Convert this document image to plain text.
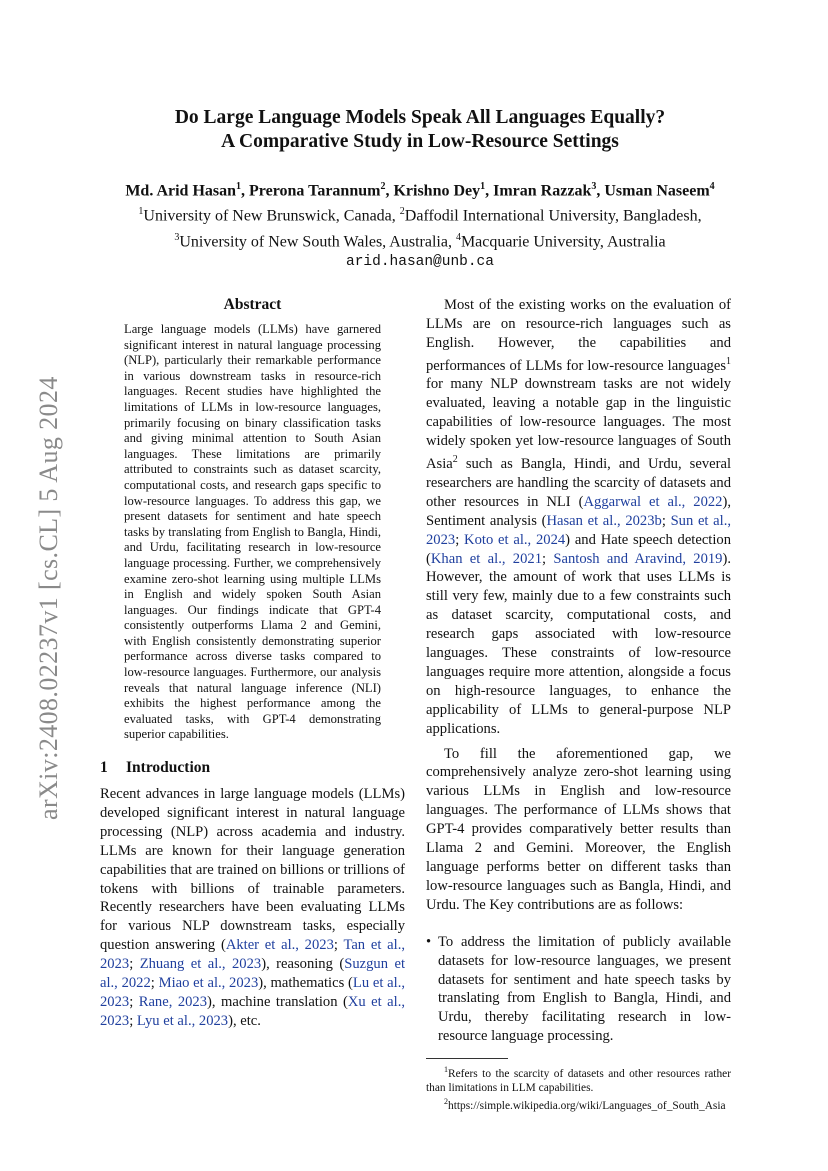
arXiv:2408.02237v1 [cs.CL] 5 Aug 2024
Do Large Language Models Speak All Languages Equally?
A Comparative Study in Low-Resource Settings
Md. Arid Hasan$^1$, Prerona Tarannum$^2$, Krishno Dey$^1$, Imran Razzak$^3$, Usman Naseem$^4$
$^1$University of New Brunswick, Canada, $^2$Daffodil International University, Bangladesh,
$^3$University of New South Wales, Australia, $^4$Macquarie University, Australia
arid.hasan@unb.ca
Abstract
Large language models (LLMs) have garnered significant interest in natural language processing (NLP), particularly their remarkable performance in various downstream tasks in resource-rich languages. Recent studies have highlighted the limitations of LLMs in low-resource languages, primarily focusing on binary classification tasks and giving minimal attention to South Asian languages. These limitations are primarily attributed to constraints such as dataset scarcity, computational costs, and research gaps specific to low-resource languages. To address this gap, we present datasets for sentiment and hate speech tasks by translating from English to Bangla, Hindi, and Urdu, facilitating research in low-resource language processing. Further, we comprehensively examine zero-shot learning using multiple LLMs in English and widely spoken South Asian languages. Our findings indicate that GPT-4 consistently outperforms Llama 2 and Gemini, with English consistently demonstrating superior performance across diverse tasks compared to low-resource languages. Furthermore, our analysis reveals that natural language inference (NLI) exhibits the highest performance among the evaluated tasks, with GPT-4 demonstrating superior capabilities.
1 Introduction

Recent advances in large language models (LLMs) developed significant interest in natural language processing (NLP) across academia and industry. LLMs are known for their language generation capabilities that are trained on billions or trillions of tokens with billions of trainable parameters. Recently researchers have been evaluating LLMs for various NLP downstream tasks, especially question answering (Akter et al., 2023; Tan et al., 2023; Zhuang et al., 2023), reasoning (Suzgun et al., 2022; Miao et al., 2023), mathematics (Lu et al., 2023; Rane, 2023), machine translation (Xu et al., 2023; Lyu et al., 2023), etc.

Most of the existing works on the evaluation of LLMs are on resource-rich languages such as English. However, the capabilities and performances of LLMs for low-resource languages$^1$ for many NLP downstream tasks are not widely evaluated, leaving a notable gap in the linguistic capabilities of low-resource languages. The most widely spoken yet low-resource languages of South Asia$^2$ such as Bangla, Hindi, and Urdu, several researchers are handling the scarcity of datasets and other resources in NLI (Aggarwal et al., 2022), Sentiment analysis (Hasan et al., 2023b; Sun et al., 2023; Koto et al., 2024) and Hate speech detection (Khan et al., 2021; Santosh and Aravind, 2019). However, the amount of work that uses LLMs is still very few, mainly due to a few constraints such as dataset scarcity, computational costs, and research gaps associated with low-resource languages. These constraints of low-resource languages require more attention, alongside a focus on high-resource languages, to enhance the applicability of LLMs to general-purpose NLP applications.

To fill the aforementioned gap, we comprehensively analyze zero-shot learning using various LLMs in English and low-resource languages. The performance of LLMs shows that GPT-4 provides comparatively better results than Llama 2 and Gemini. Moreover, the English language performs better on different tasks than low-resource languages such as Bangla, Hindi, and Urdu. The Key contributions are as follows:

• To address the limitation of publicly available datasets for low-resource languages, we present datasets for sentiment and hate speech tasks by translating from English to Bangla, Hindi, and Urdu, thereby facilitating research in low-resource language processing.
$^1$Refers to the scarcity of datasets and other resources rather than limitations in LLM capabilities.
$^2$https://simple.wikipedia.org/wiki/Languages_of_South_Asia
